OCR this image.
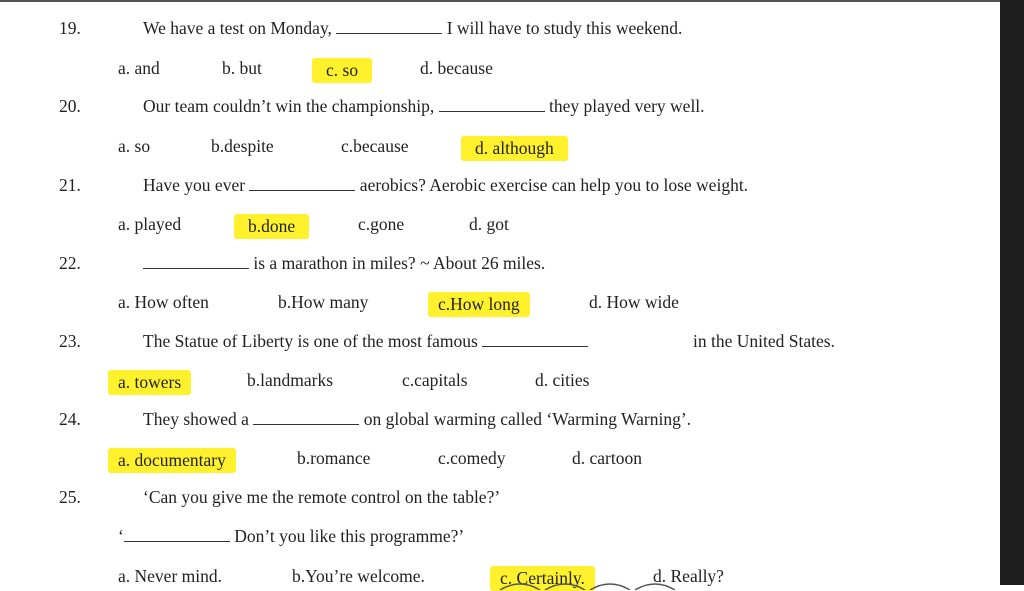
19.	We have a test on Monday,	I will have to study this weekend.
a. and	b. but	c. so	d. because
20.	Our team couldn’t win the championship,	they played very well.
a. so	b.despite	c.because	d. although
21.	Have you ever	aerobics? Aerobic exercise can help you to lose weight.
a. played	b.done	c.gone	d. got
22.	is a marathon in miles? ~ About 26 miles.
a. How often	b.How many	c.How long	d. How wide
23.	The Statue of Liberty is one of the most famous	in the United States.
a. towers	b.landmarks	c.capitals	d. cities
24.	They showed a	on global warming called ‘Warming Warning’.
a. documentary	b.romance	c.comedy	d. cartoon
25.	‘Can you give me the remote control on the table?’
‘	Don’t you like this programme?’
a. Never mind.	b.You’re welcome.	c. Certainly.	d. Really?
